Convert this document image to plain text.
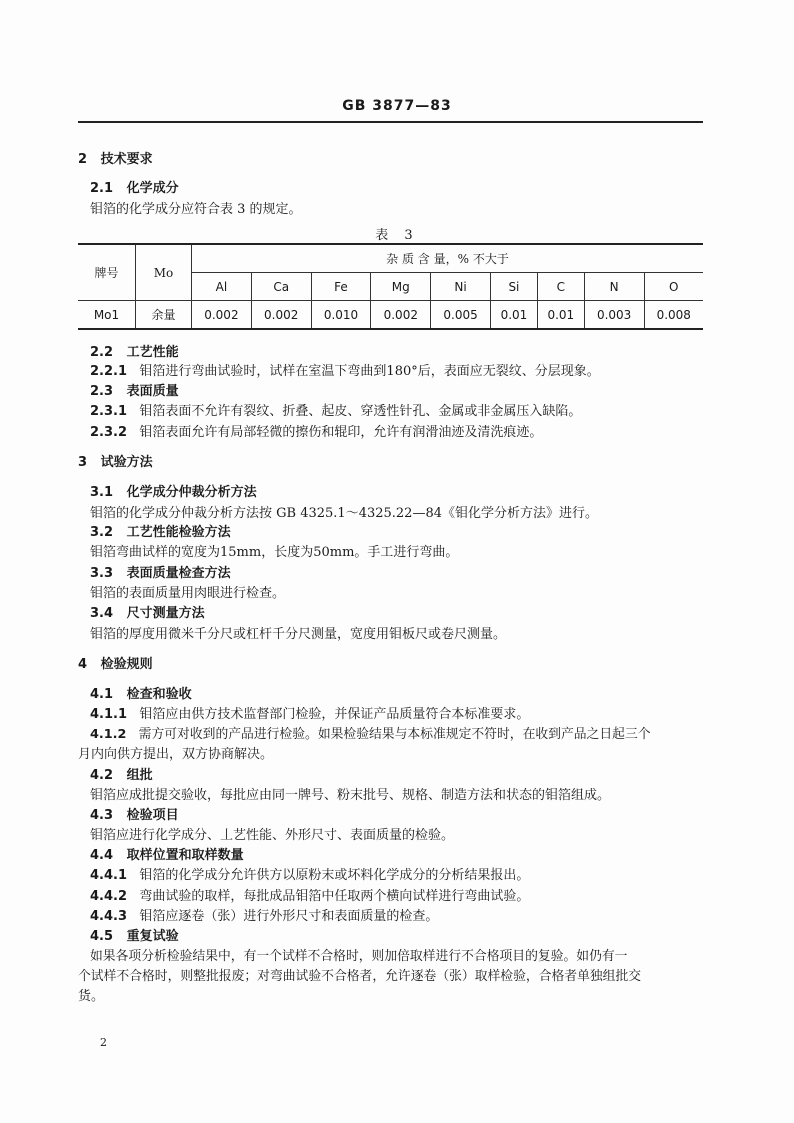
GB 3877—83
2 技术要求
2.1 化学成分
钼箔的化学成分应符合表 3 的规定。
表 3
牌号	Mo	杂 质 含 量，% 不大于								
		Al	Ca	Fe	Mg	Ni	Si	C	N	O
Mo1	余量	0.002	0.002	0.010	0.002	0.005	0.01	0.01	0.003	0.008
2.2 工艺性能
2.2.1 钼箔进行弯曲试验时，试样在室温下弯曲到180°后，表面应无裂纹、分层现象。
2.3 表面质量
2.3.1 钼箔表面不允许有裂纹、折叠、起皮、穿透性针孔、金属或非金属压入缺陷。
2.3.2 钼箔表面允许有局部轻微的擦伤和辊印，允许有润滑油迹及清洗痕迹。
3 试验方法
3.1 化学成分仲裁分析方法
钼箔的化学成分仲裁分析方法按 GB 4325.1～4325.22—84《钼化学分析方法》进行。
3.2 工艺性能检验方法
钼箔弯曲试样的宽度为15mm，长度为50mm。手工进行弯曲。
3.3 表面质量检查方法
钼箔的表面质量用肉眼进行检查。
3.4 尺寸测量方法
钼箔的厚度用微米千分尺或杠杆千分尺测量，宽度用钼板尺或卷尺测量。
4 检验规则
4.1 检查和验收
4.1.1 钼箔应由供方技术监督部门检验，并保证产品质量符合本标准要求。
4.1.2 需方可对收到的产品进行检验。如果检验结果与本标准规定不符时，在收到产品之日起三个
月内向供方提出，双方协商解决。
4.2 组批
钼箔应成批提交验收，每批应由同一牌号、粉末批号、规格、制造方法和状态的钼箔组成。
4.3 检验项目
钼箔应进行化学成分、丄艺性能、外形尺寸、表面质量的检验。
4.4 取样位置和取样数量
4.4.1 钼箔的化学成分允许供方以原粉末或坏料化学成分的分析结果报出。
4.4.2 弯曲试验的取样，每批成品钼箔中任取两个横向试样进行弯曲试验。
4.4.3 钼箔应逐卷（张）进行外形尺寸和表面质量的检查。
4.5 重复试验
如果各项分析检验结果中，有一个试样不合格时，则加倍取样进行不合格项目的复验。如仍有一
个试样不合格时，则整批报废；对弯曲试验不合格者，允许逐卷（张）取样检验，合格者单独组批交
货。
2
